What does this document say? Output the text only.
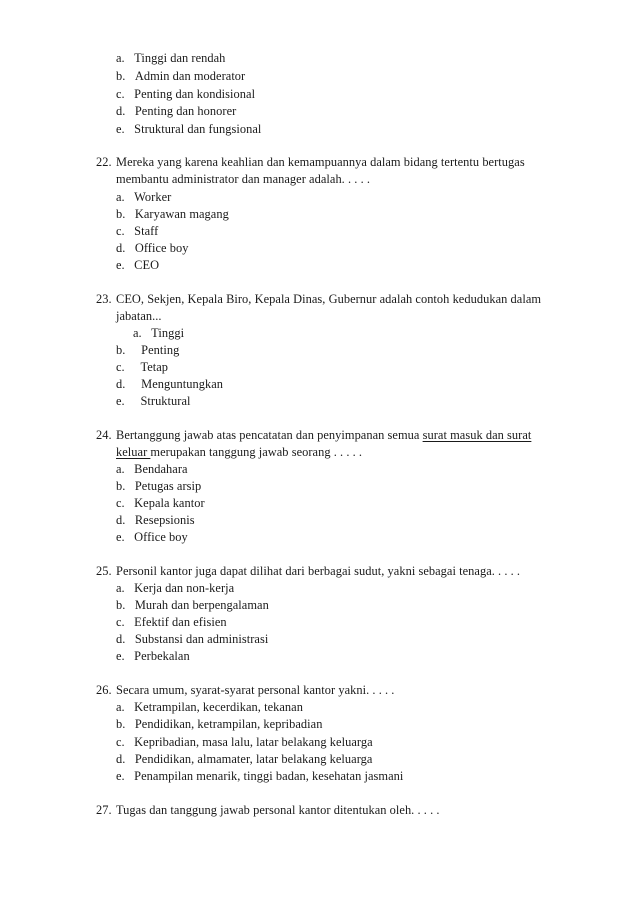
a. Tinggi dan rendah
b. Admin dan moderator
c. Penting dan kondisional
d. Penting dan honorer
e. Struktural dan fungsional
22. Mereka yang karena keahlian dan kemampuannya dalam bidang tertentu bertugas
membantu administrator dan manager adalah. . . . .
a. Worker
b. Karyawan magang
c. Staff
d. Office boy
e. CEO
23. CEO, Sekjen, Kepala Biro, Kepala Dinas, Gubernur adalah contoh kedudukan dalam
jabatan...
a. Tinggi
b. Penting
c. Tetap
d. Menguntungkan
e. Struktural
24. Bertanggung jawab atas pencatatan dan penyimpanan semua surat masuk dan surat
keluar merupakan tanggung jawab seorang . . . . .
a. Bendahara
b. Petugas arsip
c. Kepala kantor
d. Resepsionis
e. Office boy
25. Personil kantor juga dapat dilihat dari berbagai sudut, yakni sebagai tenaga. . . . .
a. Kerja dan non-kerja
b. Murah dan berpengalaman
c. Efektif dan efisien
d. Substansi dan administrasi
e. Perbekalan
26. Secara umum, syarat-syarat personal kantor yakni. . . . .
a. Ketrampilan, kecerdikan, tekanan
b. Pendidikan, ketrampilan, kepribadian
c. Kepribadian, masa lalu, latar belakang keluarga
d. Pendidikan, almamater, latar belakang keluarga
e. Penampilan menarik, tinggi badan, kesehatan jasmani
27. Tugas dan tanggung jawab personal kantor ditentukan oleh. . . . .
